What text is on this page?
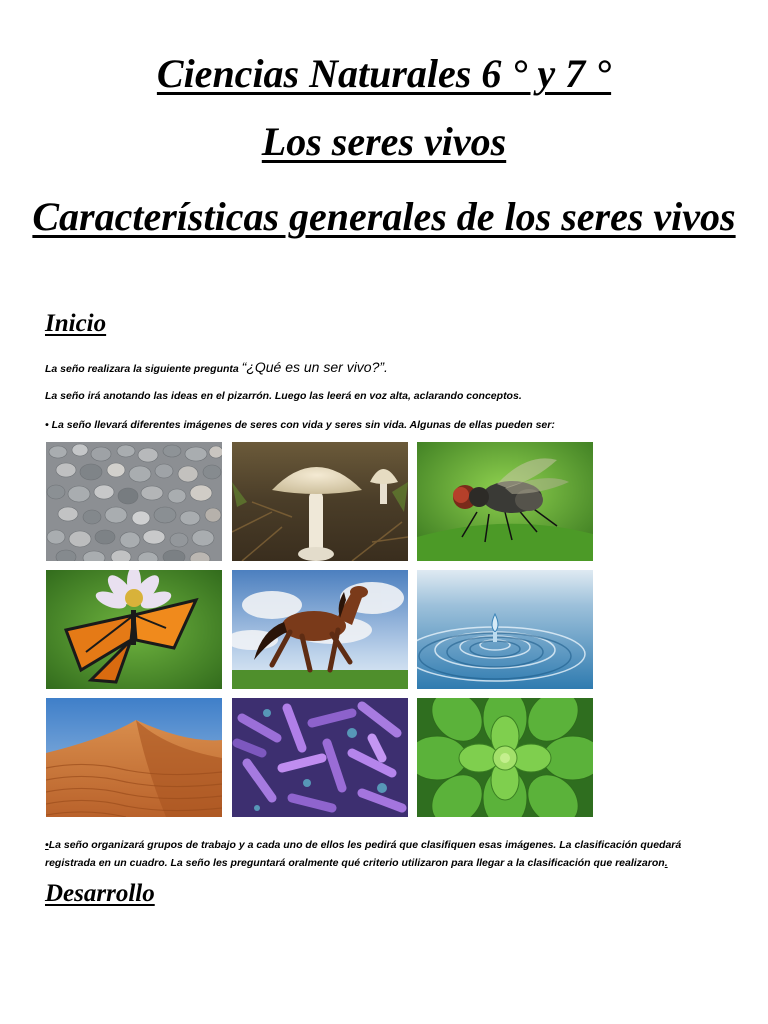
Ciencias Naturales 6 ° y 7 °
Los seres vivos
Características generales de los seres vivos
Inicio

La seño realizara la siguiente pregunta “¿Qué es un ser vivo?”.

La seño irá anotando las ideas en el pizarrón. Luego las leerá en voz alta, aclarando conceptos.

• La seño llevará diferentes imágenes de seres con vida y seres sin vida. Algunas de ellas pueden ser:

•La seño organizará grupos de trabajo y a cada uno de ellos les pedirá que clasifiquen esas imágenes. La clasificación quedará registrada en un cuadro. La seño les preguntará oralmente qué criterio utilizaron para llegar a la clasificación que realizaron.

Desarrollo
